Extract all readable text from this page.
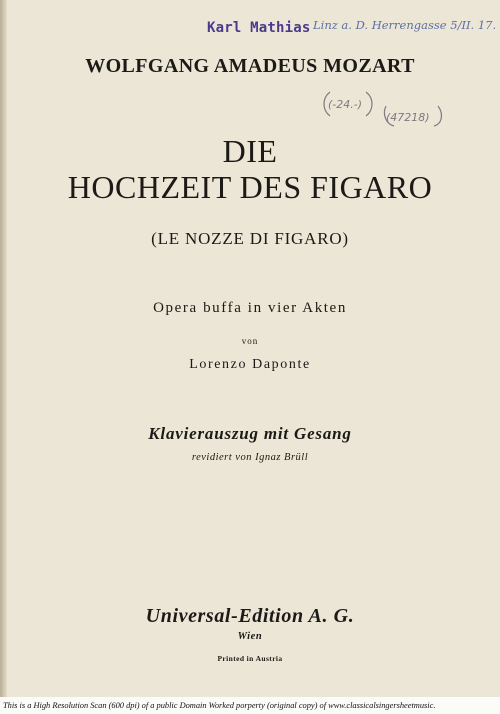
Karl Mathias Linz a. D. Herrengasse 5/II. 17.
(-24.-)
(47218)
WOLFGANG AMADEUS MOZART
DIE
HOCHZEIT DES FIGARO
(LE NOZZE DI FIGARO)
Opera buffa in vier Akten
von
Lorenzo Daponte
Klavierauszug mit Gesang
revidiert von Ignaz Brüll
Universal-Edition A. G.
Wien
Printed in Austria
This is a High Resolution Scan (600 dpi) of a public Domain Worked porperty (original copy) of www.classicalsingersheetmusic.
